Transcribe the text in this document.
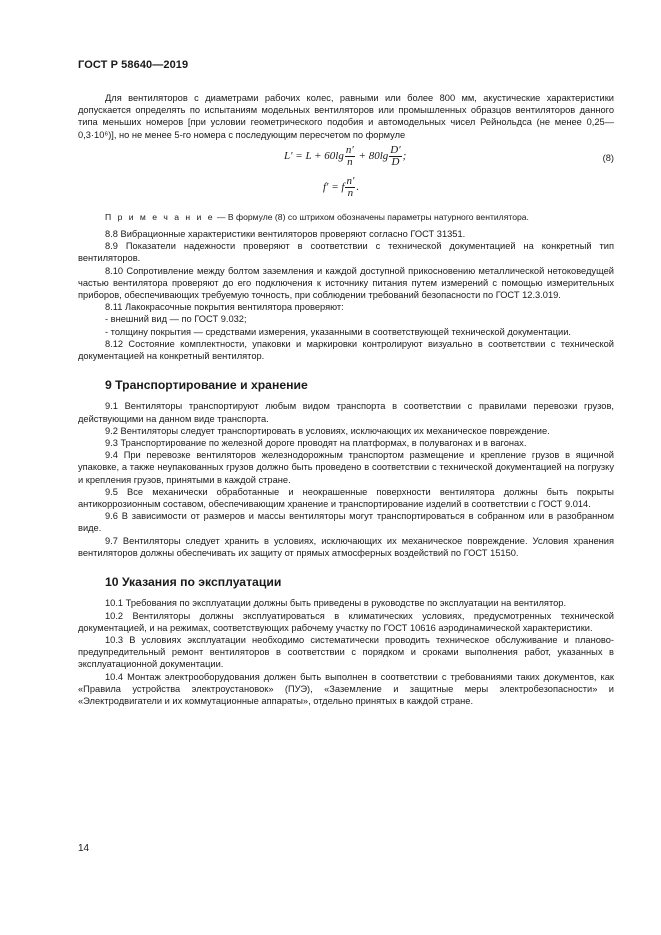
ГОСТ Р 58640—2019

Для вентиляторов с диаметрами рабочих колес, равными или более 800 мм, акустические характеристики допускается определять по испытаниям модельных вентиляторов или промышленных образцов вентиляторов данного типа меньших номеров [при условии геометрического подобия и автомодельных чисел Рейнольдса (не менее 0,25—0,3·10⁶)], но не менее 5-го номера с последующим пересчетом по формуле

$L' = L + 60\lg \frac{n'}{n} + 80\lg \frac{D'}{D}$ ;	(8)
f′ = f $\frac{n'}{n}$ .

П р и м е ч а н и е — В формуле (8) со штрихом обозначены параметры натурного вентилятора.

8.8 Вибрационные характеристики вентиляторов проверяют согласно ГОСТ 31351.

8.9 Показатели надежности проверяют в соответствии с технической документацией на конкретный тип вентиляторов.

8.10 Сопротивление между болтом заземления и каждой доступной прикосновению металлической нетоковедущей частью вентилятора проверяют до его подключения к источнику питания путем измерений с помощью измерительных приборов, обеспечивающих требуемую точность, при соблюдении требований безопасности по ГОСТ 12.3.019.

8.11 Лакокрасочные покрытия вентилятора проверяют:

- внешний вид — по ГОСТ 9.032;

- толщину покрытия — средствами измерения, указанными в соответствующей технической документации.

8.12 Состояние комплектности, упаковки и маркировки контролируют визуально в соответствии с технической документацией на конкретный вентилятор.

9 Транспортирование и хранение

9.1 Вентиляторы транспортируют любым видом транспорта в соответствии с правилами перевозки грузов, действующими на данном виде транспорта.

9.2 Вентиляторы следует транспортировать в условиях, исключающих их механическое повреждение.

9.3 Транспортирование по железной дороге проводят на платформах, в полувагонах и в вагонах.

9.4 При перевозке вентиляторов железнодорожным транспортом размещение и крепление грузов в ящичной упаковке, а также неупакованных грузов должно быть проведено в соответствии с технической документацией на погрузку и крепления грузов, принятыми в каждой стране.

9.5 Все механически обработанные и неокрашенные поверхности вентилятора должны быть покрыты антикоррозионным составом, обеспечивающим хранение и транспортирование изделий в соответствии с ГОСТ 9.014.

9.6 В зависимости от размеров и массы вентиляторы могут транспортироваться в собранном или в разобранном виде.

9.7 Вентиляторы следует хранить в условиях, исключающих их механическое повреждение. Условия хранения вентиляторов должны обеспечивать их защиту от прямых атмосферных воздействий по ГОСТ 15150.

10 Указания по эксплуатации

10.1 Требования по эксплуатации должны быть приведены в руководстве по эксплуатации на вентилятор.

10.2 Вентиляторы должны эксплуатироваться в климатических условиях, предусмотренных технической документацией, и на режимах, соответствующих рабочему участку по ГОСТ 10616 аэродинамической характеристики.

10.3 В условиях эксплуатации необходимо систематически проводить техническое обслуживание и планово-предупредительный ремонт вентиляторов в соответствии с порядком и сроками выполнения работ, указанных в эксплуатационной документации.

10.4 Монтаж электрооборудования должен быть выполнен в соответствии с требованиями таких документов, как «Правила устройства электроустановок» (ПУЭ), «Заземление и защитные меры электробезопасности» и «Электродвигатели и их коммутационные аппараты», отдельно принятых в каждой стране.

14
